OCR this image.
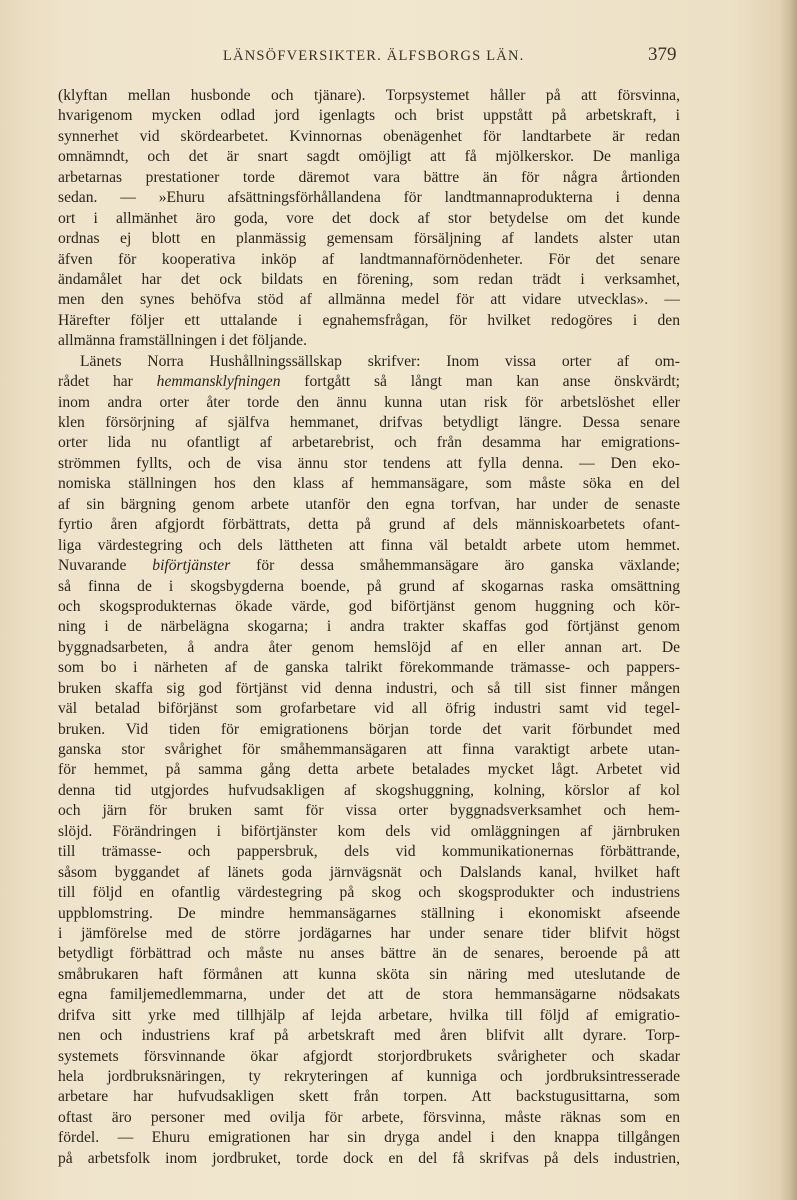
LÄNSÖFVERSIKTER. ÄLFSBORGS LÄN.	379
(klyftan mellan husbonde och tjänare). Torpsystemet håller på att försvinna,
hvarigenom mycken odlad jord igenlagts och brist uppstått på arbetskraft, i
synnerhet vid skördearbetet. Kvinnornas obenägenhet för landtarbete är redan
omnämndt, och det är snart sagdt omöjligt att få mjölkerskor. De manliga
arbetarnas prestationer torde däremot vara bättre än för några årtionden
sedan. — »Ehuru afsättningsförhållandena för landtmannaprodukterna i denna
ort i allmänhet äro goda, vore det dock af stor betydelse om det kunde
ordnas ej blott en planmässig gemensam försäljning af landets alster utan
äfven för kooperativa inköp af landtmannaförnödenheter. För det senare
ändamålet har det ock bildats en förening, som redan trädt i verksamhet,
men den synes behöfva stöd af allmänna medel för att vidare utvecklas». —
Härefter följer ett uttalande i egnahemsfrågan, för hvilket redogöres i den
allmänna framställningen i det följande.
Länets Norra Hushållningssällskap skrifver: Inom vissa orter af om-
rådet har hemmansklyfningen fortgått så långt man kan anse önskvärdt;
inom andra orter åter torde den ännu kunna utan risk för arbetslöshet eller
klen försörjning af själfva hemmanet, drifvas betydligt längre. Dessa senare
orter lida nu ofantligt af arbetarebrist, och från desamma har emigrations-
strömmen fyllts, och de visa ännu stor tendens att fylla denna. — Den eko-
nomiska ställningen hos den klass af hemmansägare, som måste söka en del
af sin bärgning genom arbete utanför den egna torfvan, har under de senaste
fyrtio åren afgjordt förbättrats, detta på grund af dels människoarbetets ofant-
liga värdestegring och dels lättheten att finna väl betaldt arbete utom hemmet.
Nuvarande biförtjänster för dessa småhemmansägare äro ganska växlande;
så finna de i skogsbygderna boende, på grund af skogarnas raska omsättning
och skogsprodukternas ökade värde, god biförtjänst genom huggning och kör-
ning i de närbelägna skogarna; i andra trakter skaffas god förtjänst genom
byggnadsarbeten, å andra åter genom hemslöjd af en eller annan art. De
som bo i närheten af de ganska talrikt förekommande trämasse- och pappers-
bruken skaffa sig god förtjänst vid denna industri, och så till sist finner mången
väl betalad biförjänst som grofarbetare vid all öfrig industri samt vid tegel-
bruken. Vid tiden för emigrationens början torde det varit förbundet med
ganska stor svårighet för småhemmansägaren att finna varaktigt arbete utan-
för hemmet, på samma gång detta arbete betalades mycket lågt. Arbetet vid
denna tid utgjordes hufvudsakligen af skogshuggning, kolning, körslor af kol
och järn för bruken samt för vissa orter byggnadsverksamhet och hem-
slöjd. Förändringen i biförtjänster kom dels vid omläggningen af järnbruken
till trämasse- och pappersbruk, dels vid kommunikationernas förbättrande,
såsom byggandet af länets goda järnvägsnät och Dalslands kanal, hvilket haft
till följd en ofantlig värdestegring på skog och skogsprodukter och industriens
uppblomstring. De mindre hemmansägarnes ställning i ekonomiskt afseende
i jämförelse med de större jordägarnes har under senare tider blifvit högst
betydligt förbättrad och måste nu anses bättre än de senares, beroende på att
småbrukaren haft förmånen att kunna sköta sin näring med uteslutande de
egna familjemedlemmarna, under det att de stora hemmansägarne nödsakats
drifva sitt yrke med tillhjälp af lejda arbetare, hvilka till följd af emigratio-
nen och industriens kraf på arbetskraft med åren blifvit allt dyrare. Torp-
systemets försvinnande ökar afgjordt storjordbrukets svårigheter och skadar
hela jordbruksnäringen, ty rekryteringen af kunniga och jordbruksintresserade
arbetare har hufvudsakligen skett från torpen. Att backstugusittarna, som
oftast äro personer med ovilja för arbete, försvinna, måste räknas som en
fördel. — Ehuru emigrationen har sin dryga andel i den knappa tillgången
på arbetsfolk inom jordbruket, torde dock en del få skrifvas på dels industrien,
